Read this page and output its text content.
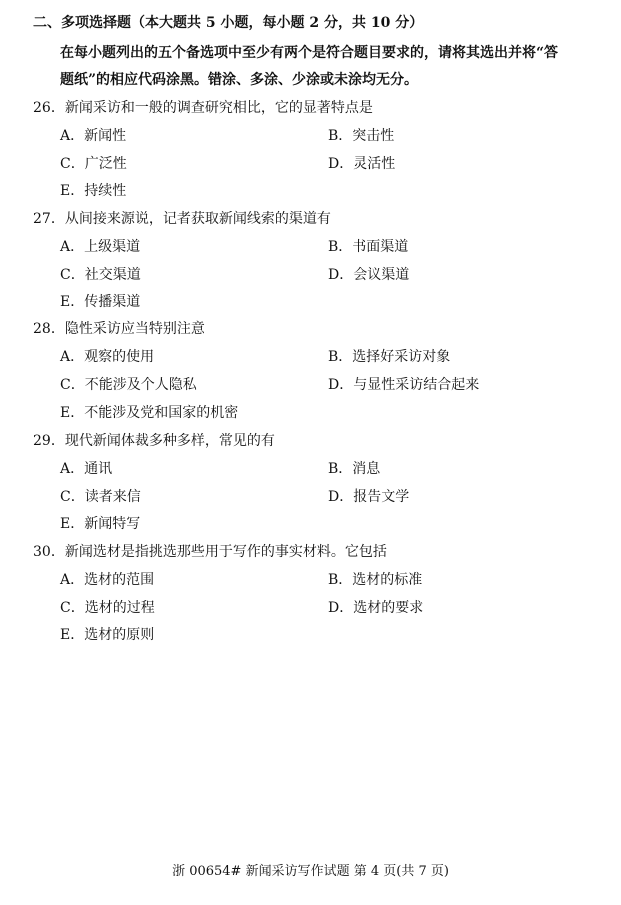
二、多项选择题（本大题共 5 小题，每小题 2 分，共 10 分）
在每小题列出的五个备选项中至少有两个是符合题目要求的，请将其选出并将“答
题纸”的相应代码涂黑。错涂、多涂、少涂或未涂均无分。
26．新闻采访和一般的调查研究相比，它的显著特点是
A．新闻性	B．突击性
C．广泛性	D．灵活性
E．持续性
27．从间接来源说，记者获取新闻线索的渠道有
A．上级渠道	B．书面渠道
C．社交渠道	D．会议渠道
E．传播渠道
28．隐性采访应当特别注意
A．观察的使用	B．选择好采访对象
C．不能涉及个人隐私	D．与显性采访结合起来
E．不能涉及党和国家的机密
29．现代新闻体裁多种多样，常见的有
A．通讯	B．消息
C．读者来信	D．报告文学
E．新闻特写
30．新闻选材是指挑选那些用于写作的事实材料。它包括
A．选材的范围	B．选材的标准
C．选材的过程	D．选材的要求
E．选材的原则
浙 00654# 新闻采访写作试题 第 4 页(共 7 页)
